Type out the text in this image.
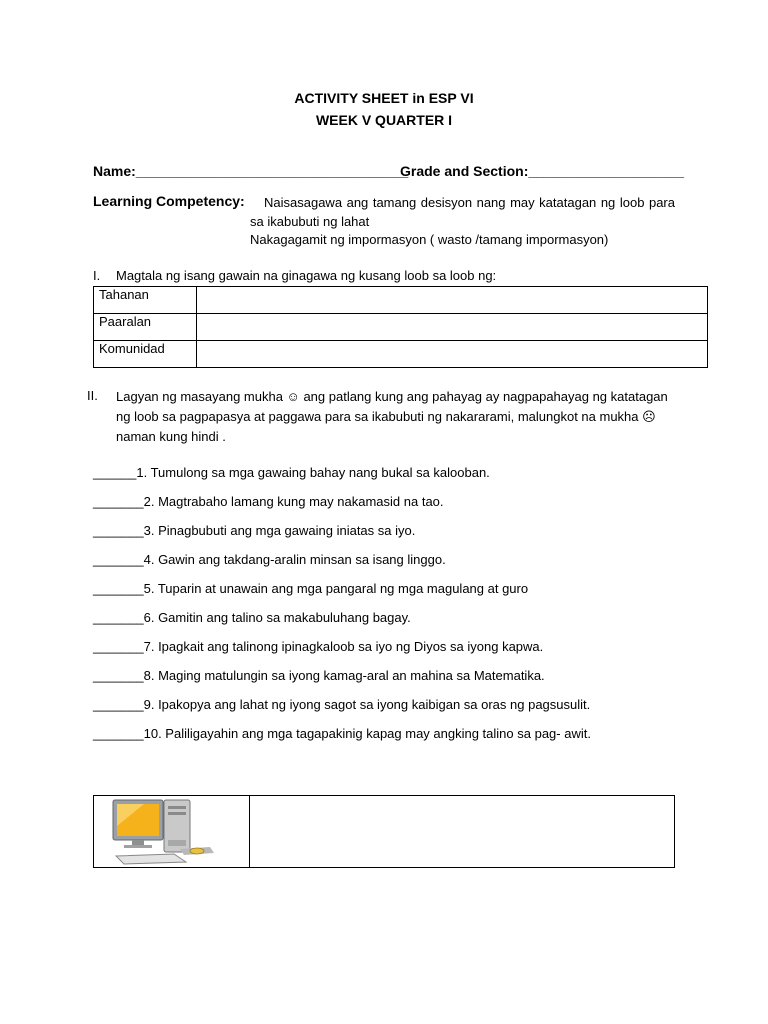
ACTIVITY SHEET in ESP VI
WEEK V QUARTER I
Name:___________________________________
Grade and Section:____________________
Learning Competency:	Naisasagawa ang tamang desisyon nang may katatagan ng loob para sa ikabubuti ng lahat
Nakagagamit ng impormasyon ( wasto /tamang impormasyon)
I. Magtala ng isang gawain na ginagawa ng kusang loob sa loob ng:
Tahanan	
Paaralan	
Komunidad	
II. Lagyan ng masayang mukha ☺ ang patlang kung ang pahayag ay nagpapahayag ng katatagan ng loob sa pagpapasya at paggawa para sa ikabubuti ng nakararami, malungkot na mukha ☹ naman kung hindi .
______1. Tumulong sa mga gawaing bahay nang bukal sa kalooban.
_______2. Magtrabaho lamang kung may nakamasid na tao.
_______3. Pinagbubuti ang mga gawaing iniatas sa iyo.
_______4. Gawin ang takdang-aralin minsan sa isang linggo.
_______5. Tuparin at unawain ang mga pangaral ng mga magulang at guro
_______6. Gamitin ang talino sa makabuluhang bagay.
_______7. Ipagkait ang talinong ipinagkaloob sa iyo ng Diyos sa iyong kapwa.
_______8. Maging matulungin sa iyong kamag-aral an mahina sa Matematika.
_______9. Ipakopya ang lahat ng iyong sagot sa iyong kaibigan sa oras ng pagsusulit.
_______10. Paliligayahin ang mga tagapakinig kapag may angking talino sa pag- awit.
